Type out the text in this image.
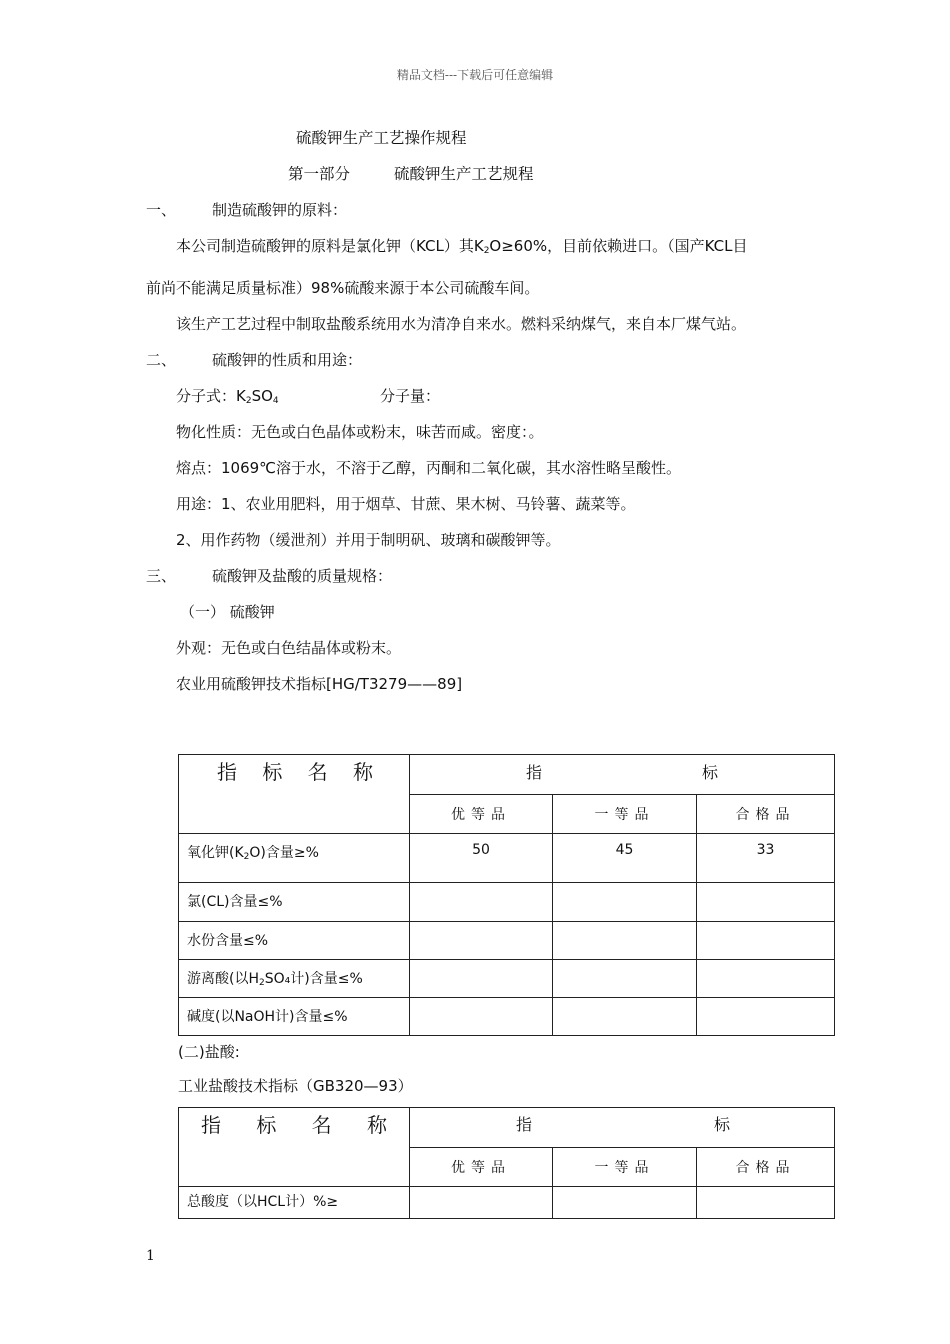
精品文档---下载后可任意编辑
硫酸钾生产工艺操作规程
第一部分	硫酸钾生产工艺规程
一、 制造硫酸钾的原料：
本公司制造硫酸钾的原料是氯化钾（KCL）其$K_2O\ge 60\%$，目前依赖进口。（国产KCL目
前尚不能满足质量标准）98%硫酸来源于本公司硫酸车间。
该生产工艺过程中制取盐酸系统用水为清净自来水。燃料采纳煤气，来自本厂煤气站。
二、 硫酸钾的性质和用途：
分子式：$K_2SO_4$	分子量：
物化性质：无色或白色晶体或粉末，味苦而咸。密度：。
熔点：1069℃溶于水，不溶于乙醇，丙酮和二氧化碳，其水溶性略呈酸性。
用途：1、农业用肥料，用于烟草、甘蔗、果木树、马铃薯、蔬菜等。
2、用作药物（缓泄剂）并用于制明矾、玻璃和碳酸钾等。
三、 硫酸钾及盐酸的质量规格：
（一） 硫酸钾
外观：无色或白色结晶体或粉末。
农业用硫酸钾技术指标[HG/T3279——89]
指 标 名 称	指 标		

	优等品	一等品	合格品
氧化钾$(K_2O)$含量≥%	50	45	33
氯(CL)含量≤%			
水份含量≤%			
游离酸(以$H_2SO_4$计)含量≤%			
碱度(以NaOH计)含量≤%			
(二)盐酸:
工业盐酸技术指标（GB320—93）
指 标 名 称	指 标		

	优等品	一等品	合格品
总酸度（以HCL计）%≥			
1
